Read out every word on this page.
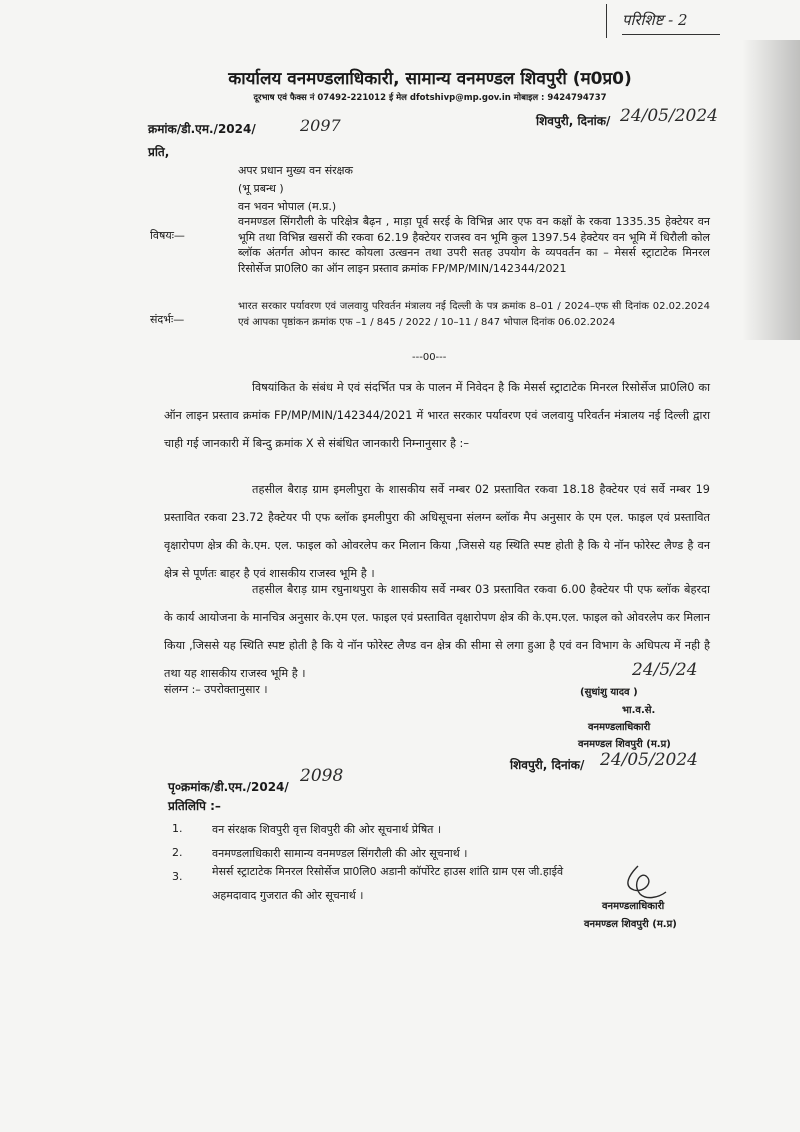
परिशिष्ट - 2
कार्यालय वनमण्डलाधिकारी, सामान्य वनमण्डल शिवपुरी (म0प्र0)
दूरभाष एवं फैक्स नं 07492-221012 ई मेल dfotshivp@mp.gov.in मोबाइल : 9424794737
क्रमांक/डी.एम./2024/	2097	शिवपुरी, दिनांक/ 24/05/2024
प्रति,
अपर प्रधान मुख्य वन संरक्षक
(भू प्रबन्ध )
वन भवन भोपाल (म.प्र.)
विषयः—
वनमण्डल सिंगरौली के परिक्षेत्र बैढ़न , माड़ा पूर्व सरई के विभिन्न आर एफ वन कक्षों के रकवा 1335.35 हेक्टेयर वन भूमि तथा विभिन्न खसरों की रकवा 62.19 हैक्टेयर राजस्व वन भूमि कुल 1397.54 हेक्टेयर वन भूमि में धिरौली कोल ब्लॉक अंतर्गत ओपन कास्ट कोयला उत्खनन तथा उपरी सतह उपयोग के व्यपवर्तन का – मेसर्स स्ट्राटाटेक मिनरल रिसोर्सेज प्रा0लि0 का ऑन लाइन प्रस्ताव क्रमांक FP/MP/MIN/142344/2021
संदर्भः—
भारत सरकार पर्यावरण एवं जलवायु परिवर्तन मंत्रालय नई दिल्ली के पत्र क्रमांक 8–01 / 2024–एफ सी दिनांक 02.02.2024 एवं आपका पृष्ठांकन क्रमांक एफ –1 / 845 / 2022 / 10–11 / 847 भोपाल दिनांक 06.02.2024
---00---
विषयांकित के संबंध मे एवं संदर्भित पत्र के पालन में निवेदन है कि मेसर्स स्ट्राटाटेक मिनरल रिसोर्सेज प्रा0लि0 का ऑन लाइन प्रस्ताव क्रमांक FP/MP/MIN/142344/2021 में भारत सरकार पर्यावरण एवं जलवायु परिवर्तन मंत्रालय नई दिल्ली द्वारा चाही गई जानकारी में बिन्दु क्रमांक X से संबंधित जानकारी निम्नानुसार है :–
तहसील बैराड़ ग्राम इमलीपुरा के शासकीय सर्वे नम्बर 02 प्रस्तावित रकवा 18.18 हैक्टेयर एवं सर्वे नम्बर 19 प्रस्तावित रकवा 23.72 हैक्टेयर पी एफ ब्लॉक इमलीपुरा की अधिसूचना संलग्न ब्लॉक मैप अनुसार के एम एल. फाइल एवं प्रस्तावित वृक्षारोपण क्षेत्र की के.एम. एल. फाइल को ओवरलेप कर मिलान किया ,जिससे यह स्थिति स्पष्ट होती है कि ये नॉन फोरेस्ट लैण्ड है वन क्षेत्र से पूर्णतः बाहर है एवं शासकीय राजस्व भूमि है ।
तहसील बैराड़ ग्राम रघुनाथपुरा के शासकीय सर्वे नम्बर 03 प्रस्तावित रकवा 6.00 हैक्टेयर पी एफ ब्लॉक बेहरदा के कार्य आयोजना के मानचित्र अनुसार के.एम एल. फाइल एवं प्रस्तावित वृक्षारोपण क्षेत्र की के.एम.एल. फाइल को ओवरलेप कर मिलान किया ,जिससे यह स्थिति स्पष्ट होती है कि ये नॉन फोरेस्ट लैण्ड वन क्षेत्र की सीमा से लगा हुआ है एवं वन विभाग के अधिपत्य में नही है तथा यह शासकीय राजस्व भूमि है ।
संलग्न :– उपरोक्तानुसार ।
24/5/24
(सुधांशु यादव )
भा.व.से.
वनमण्डलाधिकारी
वनमण्डल शिवपुरी (म.प्र)
शिवपुरी, दिनांक/ 24/05/2024
पृ०क्रमांक/डी.एम./2024/
2098
प्रतिलिपि :–
1.	वन संरक्षक शिवपुरी वृत्त शिवपुरी की ओर सूचनार्थ प्रेषित ।
2.	वनमण्डलाधिकारी सामान्य वनमण्डल सिंगरौली की ओर सूचनार्थ ।
3.	मेसर्स स्ट्राटाटेक मिनरल रिसोर्सेज प्रा0लि0 अडानी कॉर्पोरेट हाउस शांति ग्राम एस जी.हाईवे
अहमदावाद गुजरात की ओर सूचनार्थ ।
वनमण्डलाधिकारी
वनमण्डल शिवपुरी (म.प्र)
